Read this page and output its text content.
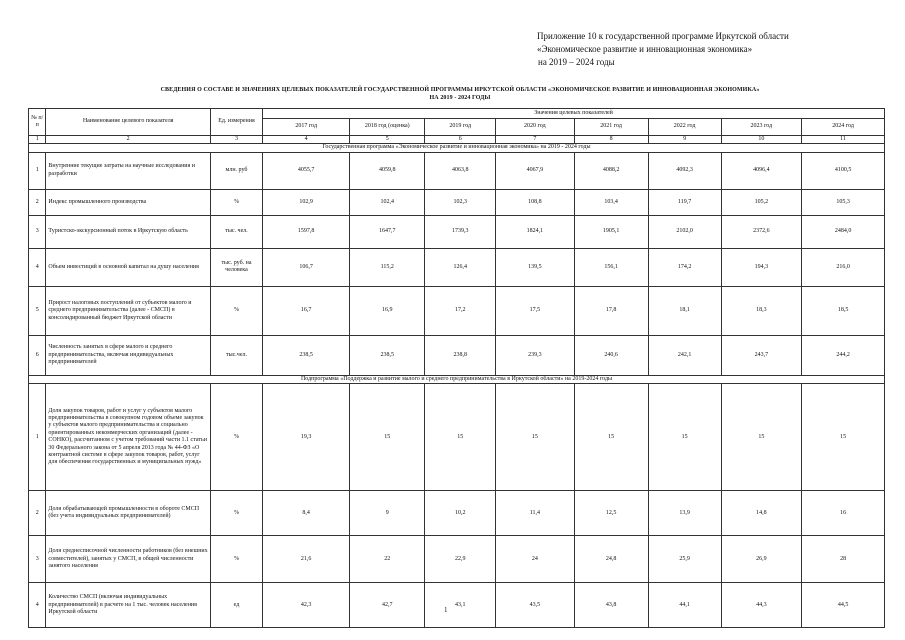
Приложение 10 к государственной программе Иркутской области
«Экономическое развитие и инновационная экономика»
на 2019 – 2024 годы
СВЕДЕНИЯ О СОСТАВЕ И ЗНАЧЕНИЯХ ЦЕЛЕВЫХ ПОКАЗАТЕЛЕЙ ГОСУДАРСТВЕННОЙ ПРОГРАММЫ ИРКУТСКОЙ ОБЛАСТИ «ЭКОНОМИЧЕСКОЕ РАЗВИТИЕ И ИННОВАЦИОННАЯ ЭКОНОМИКА»
НА 2019 - 2024 ГОДЫ
№ п/п	Наименование целевого показателя	Ед. измерения	Значения целевых показателей							
			2017 год	2018 год (оценка)	2019 год	2020 год	2021 год	2022 год	2023 год	2024 год
1	2	3	4	5	6	7	8	9	10	11
Государственная программа «Экономическое развитие и инновационная экономика» на 2019 - 2024 годы										
1	Внутренние текущие затраты на научные исследования и разработки	млн. руб	4055,7	4059,8	4063,8	4067,9	4088,2	4092,3	4096,4	4100,5
2	Индекс промышленного производства	%	102,9	102,4	102,3	108,8	103,4	119,7	105,2	105,3
3	Туристско-экскурсионный поток в Иркутскую область	тыс. чел.	1597,8	1647,7	1739,3	1824,1	1905,1	2102,0	2372,6	2484,0
4	Объем инвестиций в основной капитал на душу населения	тыс. руб. на человека	106,7	115,2	126,4	139,5	156,1	174,2	194,3	216,0
5	Прирост налоговых поступлений от субъектов малого и среднего предпринимательства (далее - СМСП) в консолидированный бюджет Иркутской области	%	16,7	16,9	17,2	17,5	17,8	18,1	18,3	18,5
6	Численность занятых в сфере малого и среднего предпринимательства, включая индивидуальных предпринимателей	тыс.чел.	238,5	238,5	238,8	239,3	240,6	242,1	243,7	244,2
Подпрограмма «Поддержка и развитие малого и среднего предпринимательства в Иркутской области» на 2019-2024 годы										
1	Доля закупок товаров, работ и услуг у субъектов малого предпринимательства в совокупном годовом объеме закупок у субъектов малого предпринимательства и социально ориентированных некоммерческих организаций (далее - СОНКО), рассчитанном с учетом требований части 1.1 статьи 30 Федерального закона от 5 апреля 2013 года № 44-ФЗ «О контрактной системе в сфере закупок товаров, работ, услуг для обеспечения государственных и муниципальных нужд»	%	19,3	15	15	15	15	15	15	15
2	Доля обрабатывающей промышленности в обороте СМСП (без учета индивидуальных предпринимателей)	%	8,4	9	10,2	11,4	12,5	13,9	14,8	16
3	Доля среднесписочной численности работников (без внешних совместителей), занятых у СМСП, в общей численности занятого населения	%	21,6	22	22,9	24	24,8	25,9	26,9	28
4	Количество СМСП (включая индивидуальных предпринимателей) в расчете на 1 тыс. человек населения Иркутской области	ед	42,3	42,7	43,1	43,5	43,8	44,1	44,3	44,5
1
